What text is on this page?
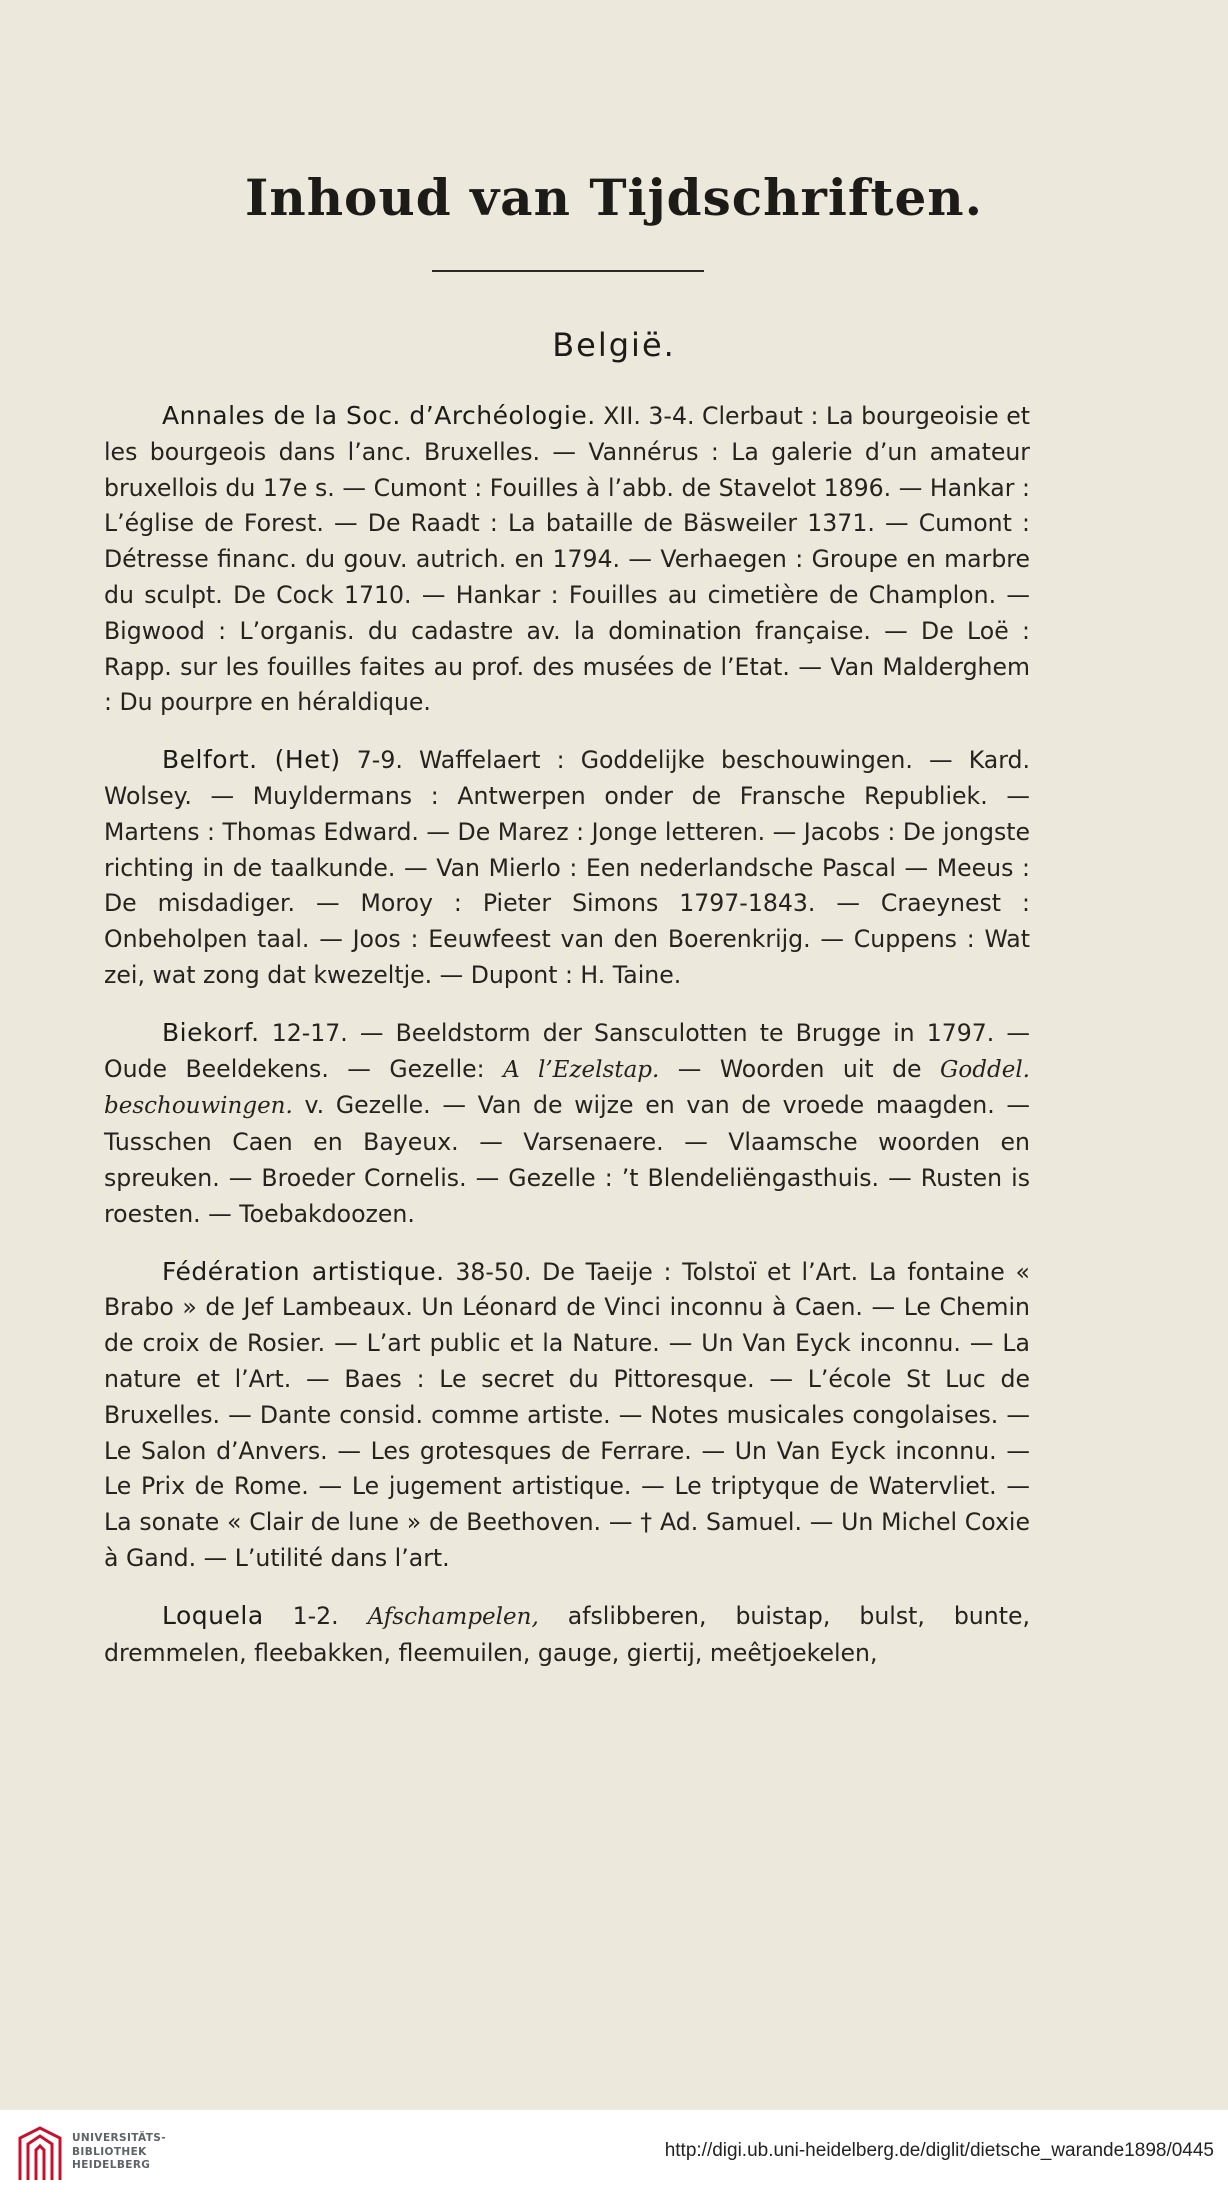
Inhoud van Tijdschriften.
België.

Annales de la Soc. d’Archéologie. XII. 3-4. Clerbaut : La bourgeoisie et les bourgeois dans l’anc. Bruxelles. — Vannérus : La galerie d’un amateur bruxellois du 17e s. — Cumont : Fouilles à l’abb. de Stavelot 1896. — Hankar : L’église de Forest. — De Raadt : La bataille de Bäsweiler 1371. — Cumont : Détresse financ. du gouv. autrich. en 1794. — Verhaegen : Groupe en marbre du sculpt. De Cock 1710. — Hankar : Fouilles au cimetière de Champlon. — Bigwood : L’organis. du cadastre av. la domination française. — De Loë : Rapp. sur les fouilles faites au prof. des musées de l’Etat. — Van Malderghem : Du pourpre en héraldique.

Belfort. (Het) 7-9. Waffelaert : Goddelijke beschouwingen. — Kard. Wolsey. — Muyldermans : Antwerpen onder de Fransche Republiek. — Martens : Thomas Edward. — De Marez : Jonge letteren. — Jacobs : De jongste richting in de taalkunde. — Van Mierlo : Een nederlandsche Pascal — Meeus : De misdadiger. — Moroy : Pieter Simons 1797-1843. — Craeynest : Onbeholpen taal. — Joos : Eeuwfeest van den Boerenkrijg. — Cuppens : Wat zei, wat zong dat kwezeltje. — Dupont : H. Taine.

Biekorf. 12-17. — Beeldstorm der Sansculotten te Brugge in 1797. — Oude Beeldekens. — Gezelle: A l’Ezelstap. — Woorden uit de Goddel. beschouwingen. v. Gezelle. — Van de wijze en van de vroede maagden. — Tusschen Caen en Bayeux. — Varsenaere. — Vlaamsche woorden en spreuken. — Broeder Cornelis. — Gezelle : ’t Blendeliëngasthuis. — Rusten is roesten. — Toebakdoozen.

Fédération artistique. 38-50. De Taeije : Tolstoï et l’Art. La fontaine « Brabo » de Jef Lambeaux. Un Léonard de Vinci inconnu à Caen. — Le Chemin de croix de Rosier. — L’art public et la Nature. — Un Van Eyck inconnu. — La nature et l’Art. — Baes : Le secret du Pittoresque. — L’école St Luc de Bruxelles. — Dante consid. comme artiste. — Notes musicales congolaises. — Le Salon d’Anvers. — Les grotesques de Ferrare. — Un Van Eyck inconnu. — Le Prix de Rome. — Le jugement artistique. — Le triptyque de Watervliet. — La sonate « Clair de lune » de Beethoven. — † Ad. Samuel. — Un Michel Coxie à Gand. — L’utilité dans l’art.

Loquela 1-2. Afschampelen, afslibberen, buistap, bulst, bunte, dremmelen, fleebakken, fleemuilen, gauge, giertij, meêtjoekelen,

UNIVERSITÄTS-
BIBLIOTHEK
HEIDELBERG
http://digi.ub.uni-heidelberg.de/diglit/dietsche_warande1898/0445
